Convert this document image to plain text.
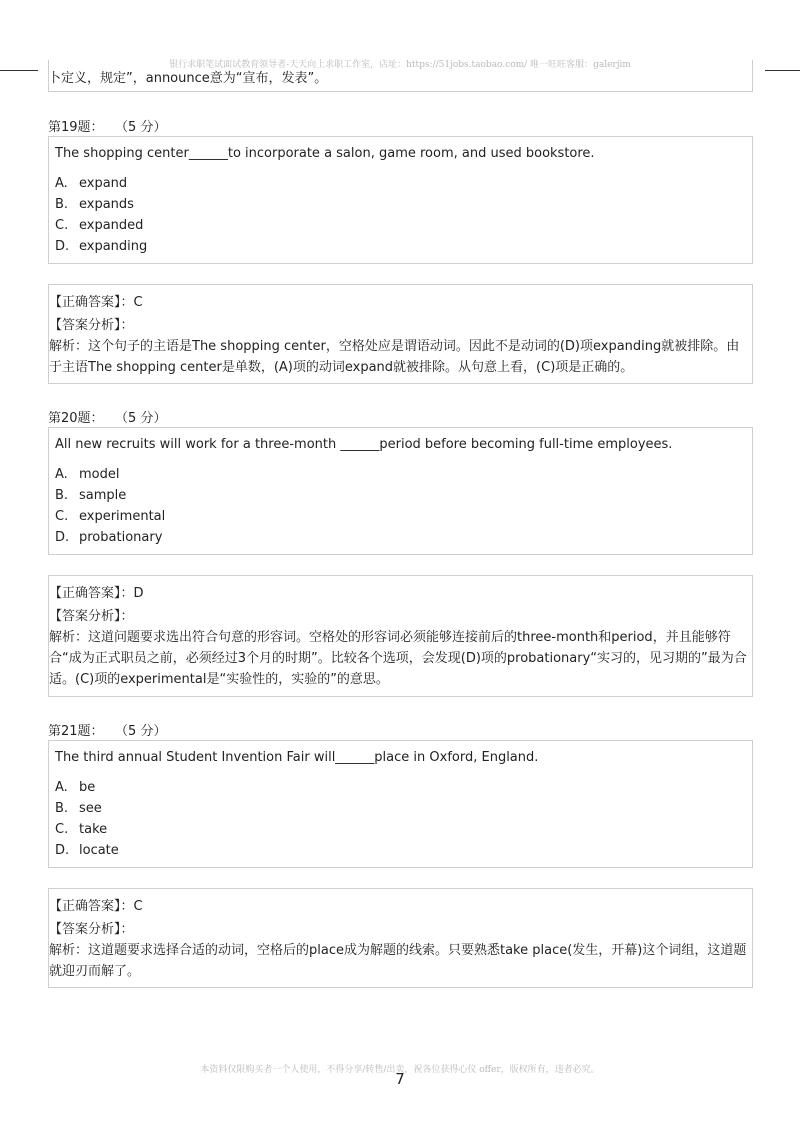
银行求职笔试面试教育领导者-天天向上求职工作室，店址：https://51jobs.taobao.com/ 唯一旺旺客服：galerjim
卜定义，规定”，announce意为“宣布，发表”。
第19题： （5 分）
The shopping center______to incorporate a salon, game room, and used bookstore.
A. expand
B. expands
C. expanded
D. expanding
【正确答案】：C
【答案分析】：
解析：这个句子的主语是The shopping center，空格处应是谓语动词。因此不是动词的(D)项expanding就被排除。由于主语The shopping center是单数，(A)项的动词expand就被排除。从句意上看，(C)项是正确的。
第20题： （5 分）
All new recruits will work for a three-month ______period before becoming full-time employees.
A. model
B. sample
C. experimental
D. probationary
【正确答案】：D
【答案分析】：
解析：这道问题要求选出符合句意的形容词。空格处的形容词必须能够连接前后的three-month和period，并且能够符合“成为正式职员之前，必须经过3个月的时期”。比较各个选项，会发现(D)项的probationary“实习的，见习期的”最为合适。(C)项的experimental是“实验性的，实验的”的意思。
第21题： （5 分）
The third annual Student Invention Fair will______place in Oxford, England.
A. be
B. see
C. take
D. locate
【正确答案】：C
【答案分析】：
解析：这道题要求选择合适的动词，空格后的place成为解题的线索。只要熟悉take place(发生，开幕)这个词组，这道题就迎刃而解了。
本资料仅限购买者一个人使用，不得分享/转售/出卖，祝各位获得心仪 offer，版权所有，违者必究。
7
